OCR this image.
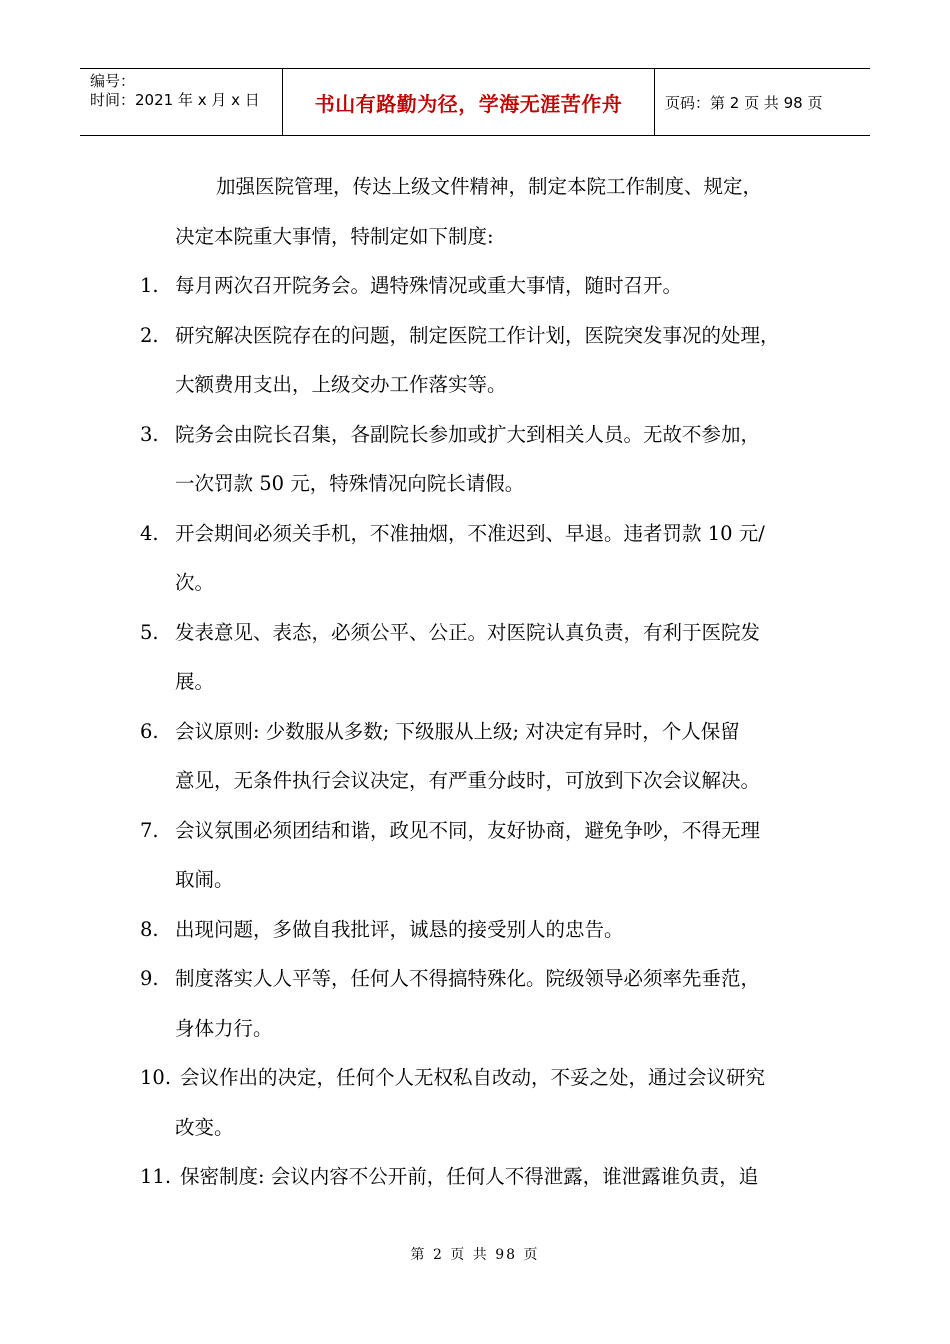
编号：
时间：2021 年 x 月 x 日	书山有路勤为径，学海无涯苦作舟	页码：第 2 页 共 98 页
加强医院管理，传达上级文件精神，制定本院工作制度、规定，
决定本院重大事情，特制定如下制度:
1. 每月两次召开院务会。遇特殊情况或重大事情，随时召开。
2. 研究解决医院存在的问题，制定医院工作计划，医院突发事况的处理，
大额费用支出，上级交办工作落实等。
3. 院务会由院长召集，各副院长参加或扩大到相关人员。无故不参加，
一次罚款 50 元，特殊情况向院长请假。
4. 开会期间必须关手机，不准抽烟，不准迟到、早退。违者罚款 10 元/
次。
5. 发表意见、表态，必须公平、公正。对医院认真负责，有利于医院发
展。
6. 会议原则: 少数服从多数; 下级服从上级; 对决定有异时，个人保留
意见，无条件执行会议决定，有严重分歧时，可放到下次会议解决。
7. 会议氛围必须团结和谐，政见不同，友好协商，避免争吵，不得无理
取闹。
8. 出现问题，多做自我批评，诚恳的接受别人的忠告。
9. 制度落实人人平等，任何人不得搞特殊化。院级领导必须率先垂范，
身体力行。
10. 会议作出的决定，任何个人无权私自改动，不妥之处，通过会议研究
改变。
11. 保密制度: 会议内容不公开前，任何人不得泄露，谁泄露谁负责，追
第 2 页 共 98 页
